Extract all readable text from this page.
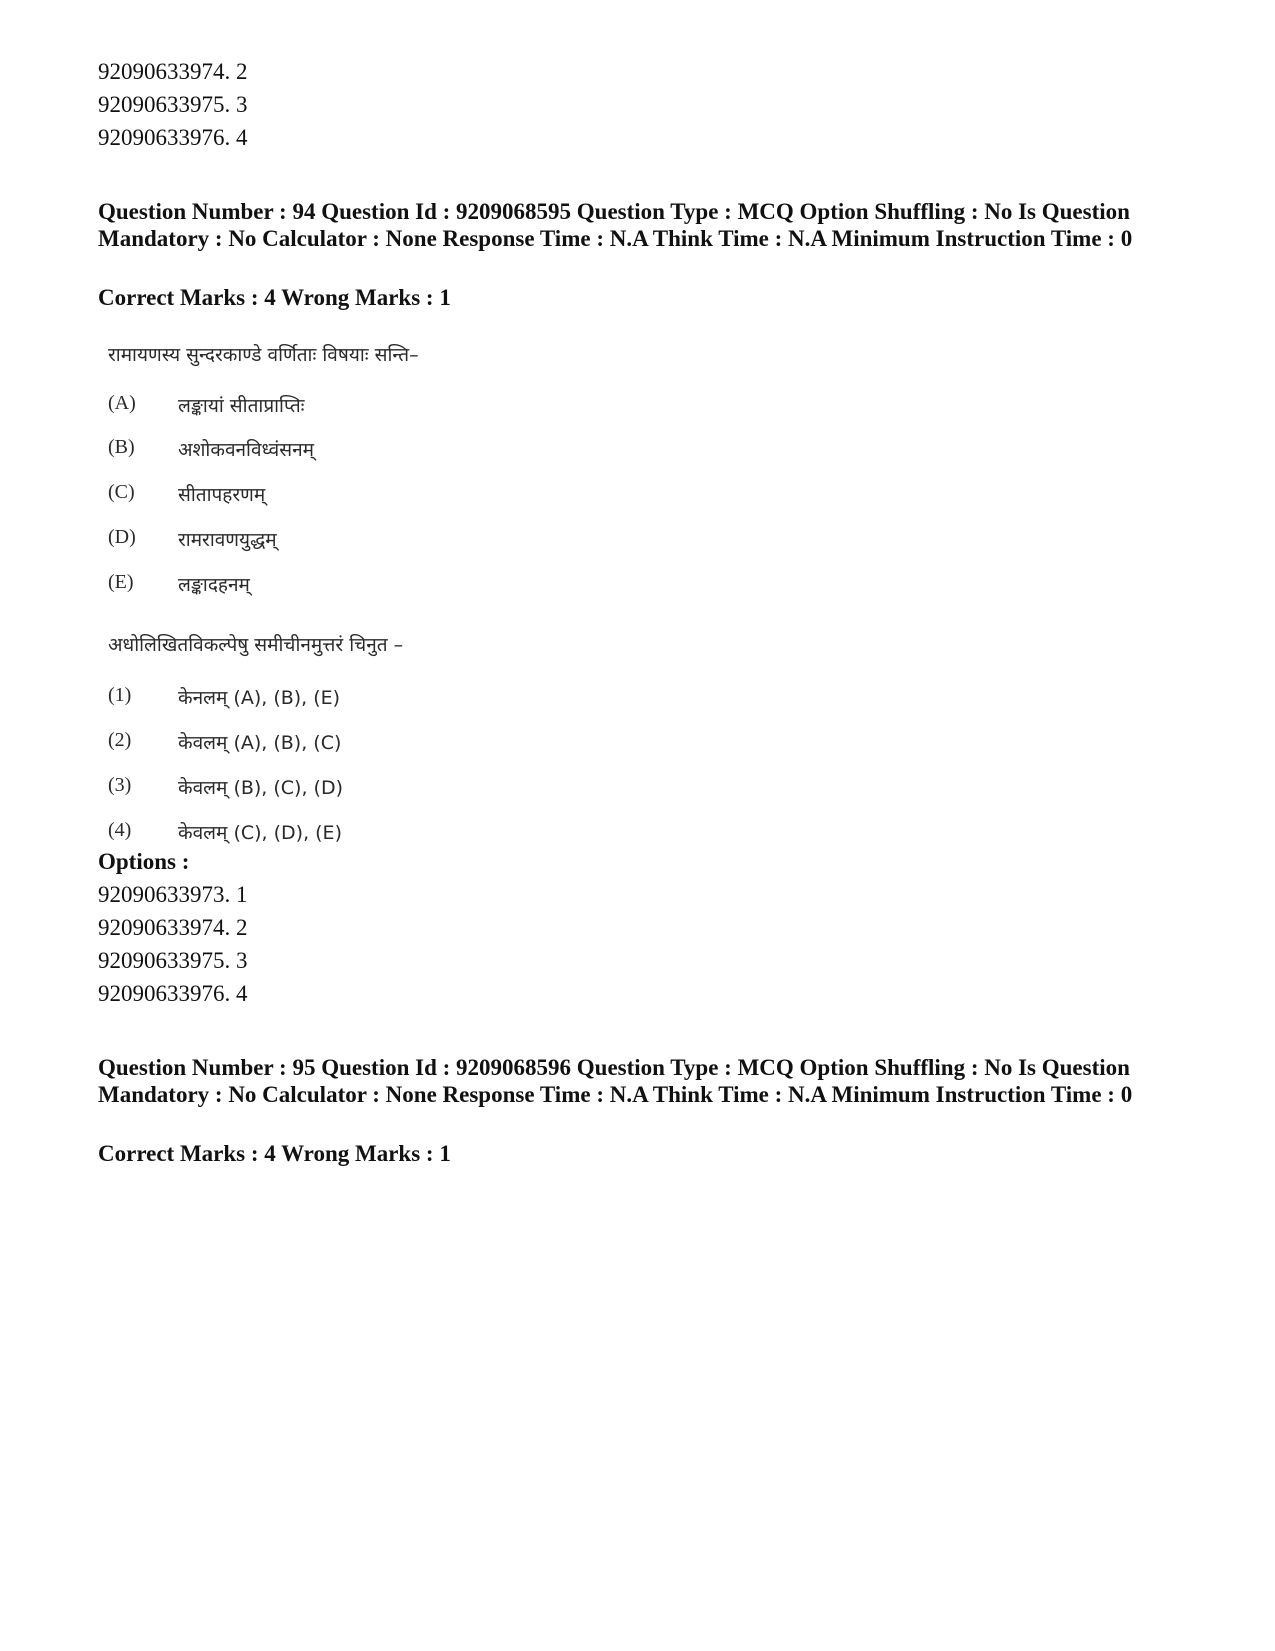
92090633974. 2
92090633975. 3
92090633976. 4
Question Number : 94 Question Id : 9209068595 Question Type : MCQ Option Shuffling : No Is Question Mandatory : No Calculator : None Response Time : N.A Think Time : N.A Minimum Instruction Time : 0
Correct Marks : 4 Wrong Marks : 1
रामायणस्य सुन्दरकाण्डे वर्णिताः विषयाः सन्ति–
(A)	लङ्कायां सीताप्राप्तिः
(B)	अशोकवनविध्वंसनम्
(C)	सीतापहरणम्
(D)	रामरावणयुद्धम्
(E)	लङ्कादहनम्
अधोलिखितविकल्पेषु समीचीनमुत्तरं चिनुत –
(1)	केनलम् (A), (B), (E)
(2)	केवलम् (A), (B), (C)
(3)	केवलम् (B), (C), (D)
(4)	केवलम् (C), (D), (E)
Options :
92090633973. 1
92090633974. 2
92090633975. 3
92090633976. 4
Question Number : 95 Question Id : 9209068596 Question Type : MCQ Option Shuffling : No Is Question Mandatory : No Calculator : None Response Time : N.A Think Time : N.A Minimum Instruction Time : 0
Correct Marks : 4 Wrong Marks : 1
